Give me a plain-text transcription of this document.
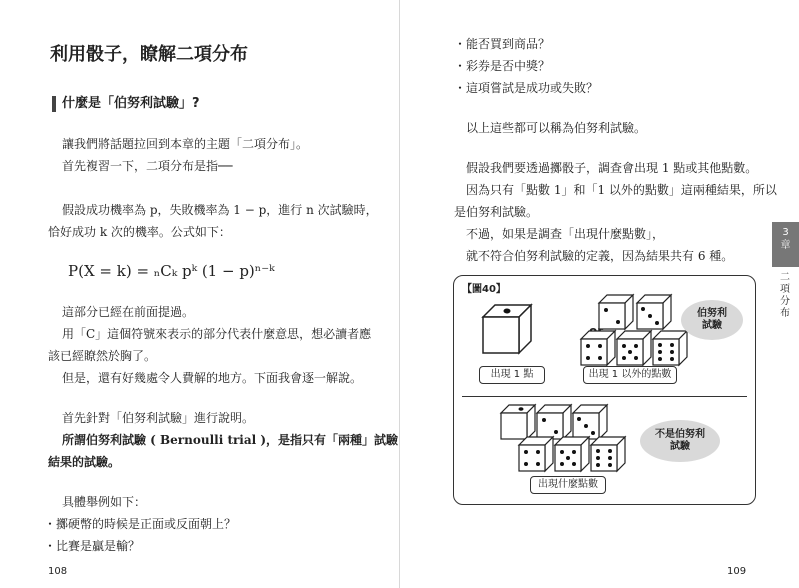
利用骰子，瞭解二項分布
什麼是「伯努利試驗」?
讓我們將話題拉回到本章的主題「二項分布」。
首先複習一下，二項分布是指──
假設成功機率為 p，失敗機率為 1 − p，進行 n 次試驗時，
恰好成功 k 次的機率。公式如下：
P(X = k) = ₙCₖ pᵏ (1 − p)ⁿ⁻ᵏ
這部分已經在前面提過。
用「C」這個符號來表示的部分代表什麼意思，想必讀者應
該已經瞭然於胸了。
但是，還有好幾處令人費解的地方。下面我會逐一解說。
首先針對「伯努利試驗」進行說明。
所謂伯努利試驗 ( Bernoulli trial )，是指只有「兩種」試驗
結果的試驗。
具體舉例如下：
・擲硬幣的時候是正面或反面朝上？
・比賽是贏是輸？
108
・能否買到商品？
・彩券是否中獎？
・這項嘗試是成功或失敗？
以上這些都可以稱為伯努利試驗。
假設我們要透過擲骰子，調查會出現 1 點或其他點數。
因為只有「點數 1」和「1 以外的點數」這兩種結果，所以
是伯努利試驗。
不過，如果是調查「出現什麼點數」，
就不符合伯努利試驗的定義，因為結果共有 6 種。
3
章
二項分布
109
【圖40】
出現 1 點	出現 1 以外的點數
伯努利
試驗
不是伯努利
試驗
出現什麼點數
